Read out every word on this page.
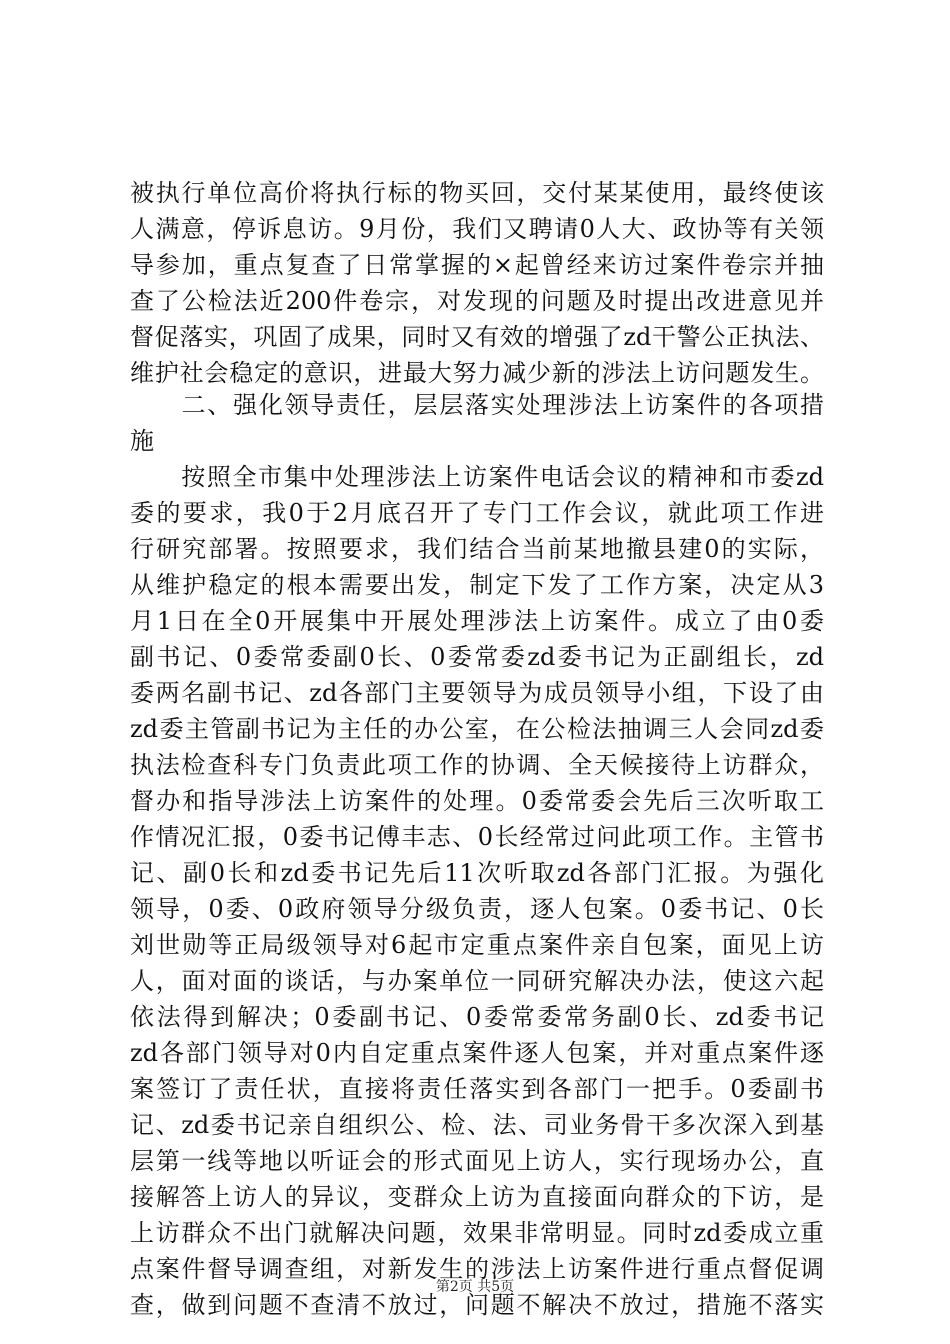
被执行单位高价将执行标的物买回，交付某某使用，最终使该
人满意，停诉息访。9月份，我们又聘请0人大、政协等有关领
导参加，重点复查了日常掌握的×起曾经来访过案件卷宗并抽
查了公检法近200件卷宗，对发现的问题及时提出改进意见并
督促落实，巩固了成果，同时又有效的增强了zd干警公正执法、
维护社会稳定的意识，进最大努力减少新的涉法上访问题发生。
　　二、强化领导责任，层层落实处理涉法上访案件的各项措
施
　　按照全市集中处理涉法上访案件电话会议的精神和市委zd
委的要求，我0于2月底召开了专门工作会议，就此项工作进
行研究部署。按照要求，我们结合当前某地撤县建0的实际，
从维护稳定的根本需要出发，制定下发了工作方案，决定从3
月1日在全0开展集中开展处理涉法上访案件。成立了由0委
副书记、0委常委副0长、0委常委zd委书记为正副组长，zd
委两名副书记、zd各部门主要领导为成员领导小组，下设了由
zd委主管副书记为主任的办公室，在公检法抽调三人会同zd委
执法检查科专门负责此项工作的协调、全天候接待上访群众，
督办和指导涉法上访案件的处理。0委常委会先后三次听取工
作情况汇报，0委书记傅丰志、0长经常过问此项工作。主管书
记、副0长和zd委书记先后11次听取zd各部门汇报。为强化
领导，0委、0政府领导分级负责，逐人包案。0委书记、0长
刘世勋等正局级领导对6起市定重点案件亲自包案，面见上访
人，面对面的谈话，与办案单位一同研究解决办法，使这六起
依法得到解决；0委副书记、0委常委常务副0长、zd委书记
zd各部门领导对0内自定重点案件逐人包案，并对重点案件逐
案签订了责任状，直接将责任落实到各部门一把手。0委副书
记、zd委书记亲自组织公、检、法、司业务骨干多次深入到基
层第一线等地以听证会的形式面见上访人，实行现场办公，直
接解答上访人的异议，变群众上访为直接面向群众的下访，是
上访群众不出门就解决问题，效果非常明显。同时zd委成立重
点案件督导调查组，对新发生的涉法上访案件进行重点督促调
查，做到问题不查清不放过，问题不解决不放过，措施不落实
第2页 共5页
